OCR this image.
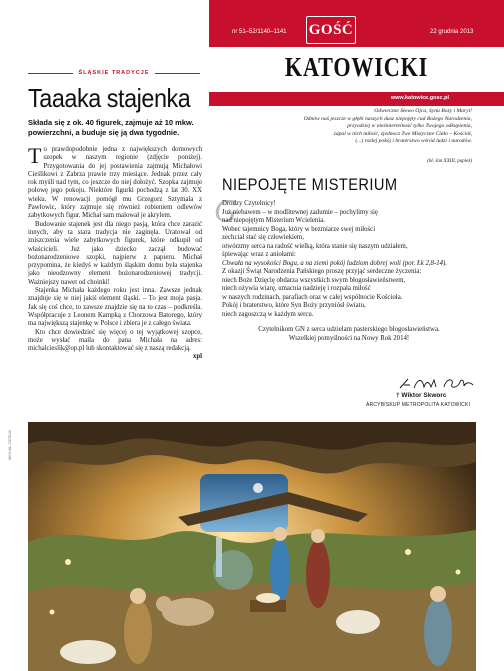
nr 51–52/1140–1141 GOŚĆ	22 grudnia 2013
KATOWICKI
www.katowice.gosc.pl
ŚLĄSKIE TRADYCJE
Taaaka stajenka
Składa się z ok. 40 figurek, zajmuje aż 10 mkw. powierzchni, a buduje się ją dwa tygodnie.

To prawdopodobnie jedna z największych domowych szopek w naszym regionie (zdjęcie poniżej). Przygotowania do jej postawienia zajmują Michałowi Cieślikowi z Zabrza prawie trzy miesiące. Jednak przez cały rok myśli nad tym, co jeszcze do niej dołożyć. Szopka zajmuje połowę jego pokoju. Niektóre figurki pochodzą z lat 30. XX wieku. W renowacji pomógł mu Grzegorz Sztymala z Pawłowic, który zajmuje się również robieniem odlewów zabytkowych figur. Michał sam malował je akrylem.

Budowanie stajenek jest dla niego pasją, która chce zarazić innych, aby ta stara tradycja nie zaginęła. Uratował od zniszczenia wiele zabytkowych figurek, które odkupił od właścicieli. Już jako dziecko zaczął budować bożonarodzeniowe szopki, najpierw z papieru. Michał przypomina, że kiedyś w każdym śląskim domu była stajenka jako nieodzowny element bożonarodzeniowej tradycji. Ważniejszy nawet od choinki!

Stajenka Michała każdego roku jest inna. Zawsze jednak znajduje się w niej jakiś element śląski. – To jest moja pasja. Jak się coś chce, to zawsze znajdzie się na to czas – podkreśla. Współpracuje z Leonem Kampką z Chorzowa Batorego, który ma największą stajenkę w Polsce i zbiera je z całego świata.

Kto chce dowiedzieć się więcej o tej wyjątkowej szopce, może wysłać maila do pana Michała na adres: michalcieslik@op.pl lub skontaktować się z naszą redakcją.
xpl

Odwieczne Słowo Ojca, Synu Boży i Maryi!
Odnów naś jeszcze w głębi naszych dusz niepojęty cud Bożego Narodzenia,
przyodziej w nieśmiertelność tylko Twojego odkupienia,
zapal w nich miłość, zjednocz Twe Mistyczne Ciało – Kościół,
(...) rozlej pokój i braterstwo wśród ludzi i narodów.
(bł. Jan XXIII, papież)
G
NIEPOJĘTE MISTERIUM
Drodzy Czytelnicy!
Już niebawem – w modlitewnej zadumie – pochylimy się
nad niepojętym Misterium Wcielenia.
Wobec tajemnicy Boga, który w bezmiarze swej miłości
zechciał stać się człowiekiem,
otwórzmy serca na radość wielką, która stanie się naszym udziałem,
śpiewając wraz z aniołami:
Chwała na wysokości Bogu, a na ziemi pokój ludziom dobrej woli (por. Łk 2,8-14).
Z okazji Świąt Narodzenia Pańskiego proszę przyjąć serdeczne życzenia:
niech Boże Dzięcię obdarza wszystkich swym błogosławieństwem,
niech ożywia wiarę, umacnia nadzieję i rozpala miłość
w naszych rodzinach, parafiach oraz w całej wspólnocie Kościoła.
Pokój i braterstwo, które Syn Boży przyniósł światu,
niech zagoszczą w każdym sercu.
Czytelnikom GN z serca udzielam pasterskiego błogosławieństwa.
Wszelkiej pomyślności na Nowy Rok 2014!
† Wiktor Skworc
ARCYBISKUP METROPOLITA KATOWICKI
MICHAŁ CIEŚLIK
